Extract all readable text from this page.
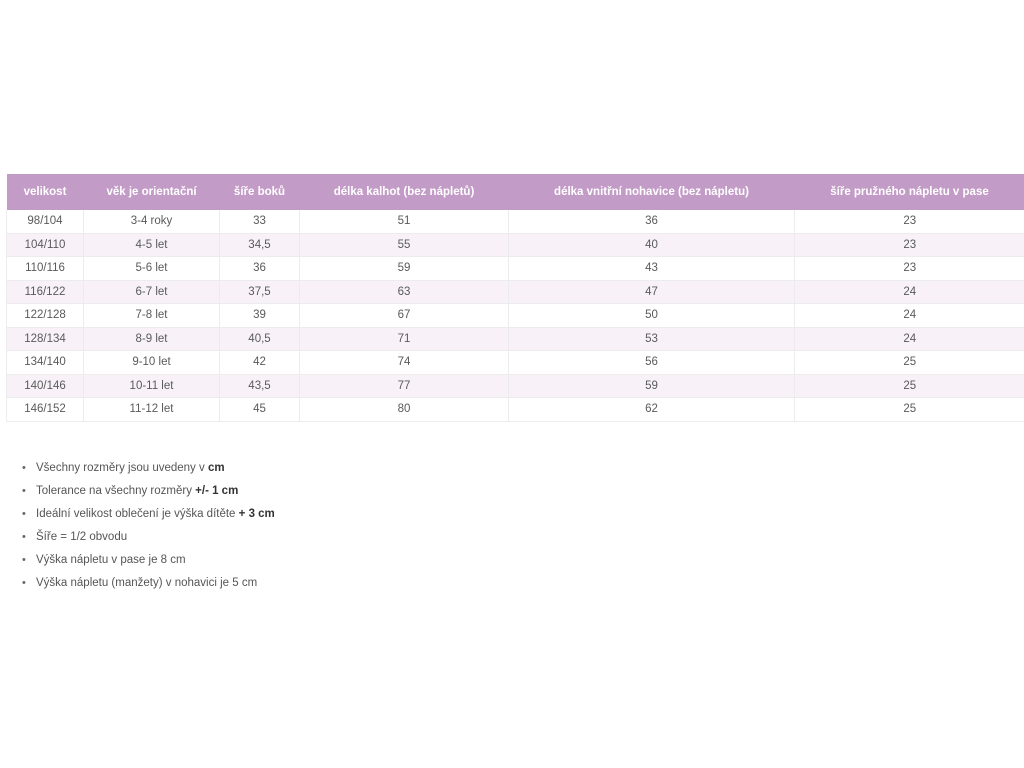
velikost	věk je orientační	šíře boků	délka kalhot (bez nápletů)	délka vnitřní nohavice (bez nápletu)	šíře pružného nápletu v pase
98/104	3-4 roky	33	51	36	23
104/110	4-5 let	34,5	55	40	23
110/116	5-6 let	36	59	43	23
116/122	6-7 let	37,5	63	47	24
122/128	7-8 let	39	67	50	24
128/134	8-9 let	40,5	71	53	24
134/140	9-10 let	42	74	56	25
140/146	10-11 let	43,5	77	59	25
146/152	11-12 let	45	80	62	25
• Všechny rozměry jsou uvedeny v cm
• Tolerance na všechny rozměry +/- 1 cm
• Ideální velikost oblečení je výška dítěte + 3 cm
• Šíře = 1/2 obvodu
• Výška nápletu v pase je 8 cm
• Výška nápletu (manžety) v nohavici je 5 cm
